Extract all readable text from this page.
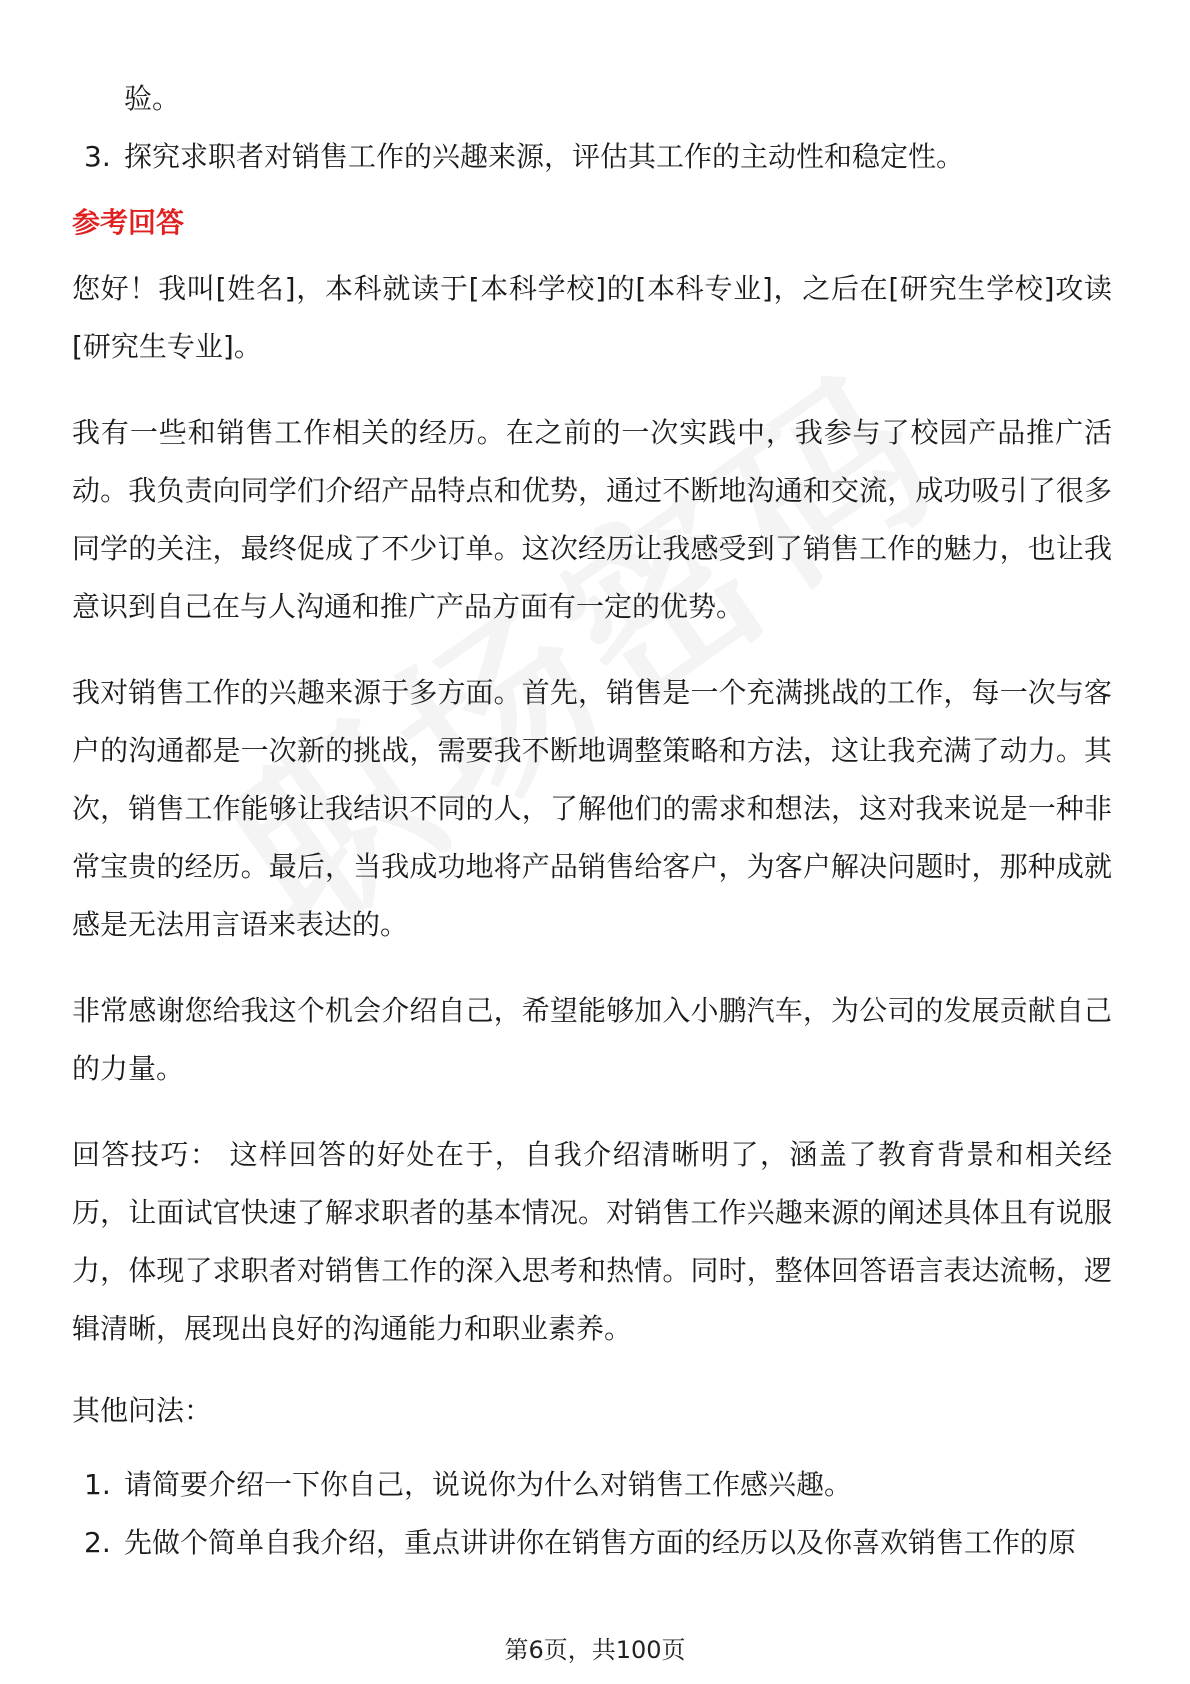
验。
3. 探究求职者对销售工作的兴趣来源，评估其工作的主动性和稳定性。
参考回答

您好！我叫[姓名]，本科就读于[本科学校]的[本科专业]，之后在[研究生学校]攻读[研究生专业]。

我有一些和销售工作相关的经历。在之前的一次实践中，我参与了校园产品推广活动。我负责向同学们介绍产品特点和优势，通过不断地沟通和交流，成功吸引了很多同学的关注，最终促成了不少订单。这次经历让我感受到了销售工作的魅力，也让我意识到自己在与人沟通和推广产品方面有一定的优势。

我对销售工作的兴趣来源于多方面。首先，销售是一个充满挑战的工作，每一次与客户的沟通都是一次新的挑战，需要我不断地调整策略和方法，这让我充满了动力。其次，销售工作能够让我结识不同的人，了解他们的需求和想法，这对我来说是一种非常宝贵的经历。最后，当我成功地将产品销售给客户，为客户解决问题时，那种成就感是无法用言语来表达的。

非常感谢您给我这个机会介绍自己，希望能够加入小鹏汽车，为公司的发展贡献自己的力量。

回答技巧： 这样回答的好处在于，自我介绍清晰明了，涵盖了教育背景和相关经历，让面试官快速了解求职者的基本情况。对销售工作兴趣来源的阐述具体且有说服力，体现了求职者对销售工作的深入思考和热情。同时，整体回答语言表达流畅，逻辑清晰，展现出良好的沟通能力和职业素养。

其他问法：
1. 请简要介绍一下你自己，说说你为什么对销售工作感兴趣。
2. 先做个简单自我介绍，重点讲讲你在销售方面的经历以及你喜欢销售工作的原
第6页，共100页
